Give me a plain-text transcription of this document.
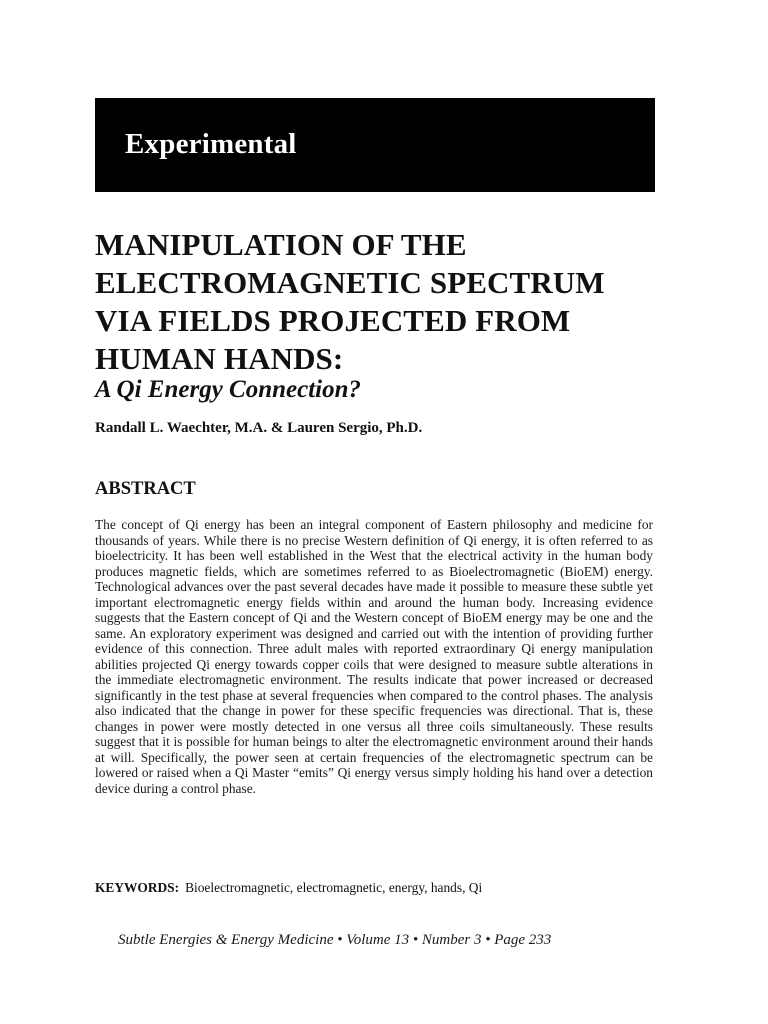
Experimental
MANIPULATION OF THE
ELECTROMAGNETIC SPECTRUM
VIA FIELDS PROJECTED FROM
HUMAN HANDS:
A Qi Energy Connection?
Randall L. Waechter, M.A. & Lauren Sergio, Ph.D.
ABSTRACT

The concept of Qi energy has been an integral component of Eastern philosophy and medicine for thousands of years. While there is no precise Western definition of Qi energy, it is often referred to as bioelectricity. It has been well established in the West that the electrical activity in the human body produces magnetic fields, which are sometimes referred to as Bioelectromagnetic (BioEM) energy. Technological advances over the past several decades have made it possible to measure these subtle yet important electromagnetic energy fields within and around the human body. Increasing evidence suggests that the Eastern concept of Qi and the Western concept of BioEM energy may be one and the same. An exploratory experiment was designed and carried out with the intention of providing further evidence of this connection. Three adult males with reported extraordinary Qi energy manipulation abilities projected Qi energy towards copper coils that were designed to measure subtle alterations in the immediate electromagnetic environment. The results indicate that power increased or decreased significantly in the test phase at several frequencies when compared to the control phases. The analysis also indicated that the change in power for these specific frequencies was directional. That is, these changes in power were mostly detected in one versus all three coils simultaneously. These results suggest that it is possible for human beings to alter the electromagnetic environment around their hands at will. Specifically, the power seen at certain frequencies of the electromagnetic spectrum can be lowered or raised when a Qi Master “emits” Qi energy versus simply holding his hand over a detection device during a control phase.

KEYWORDS: Bioelectromagnetic, electromagnetic, energy, hands, Qi
Subtle Energies & Energy Medicine • Volume 13 • Number 3 • Page 233
